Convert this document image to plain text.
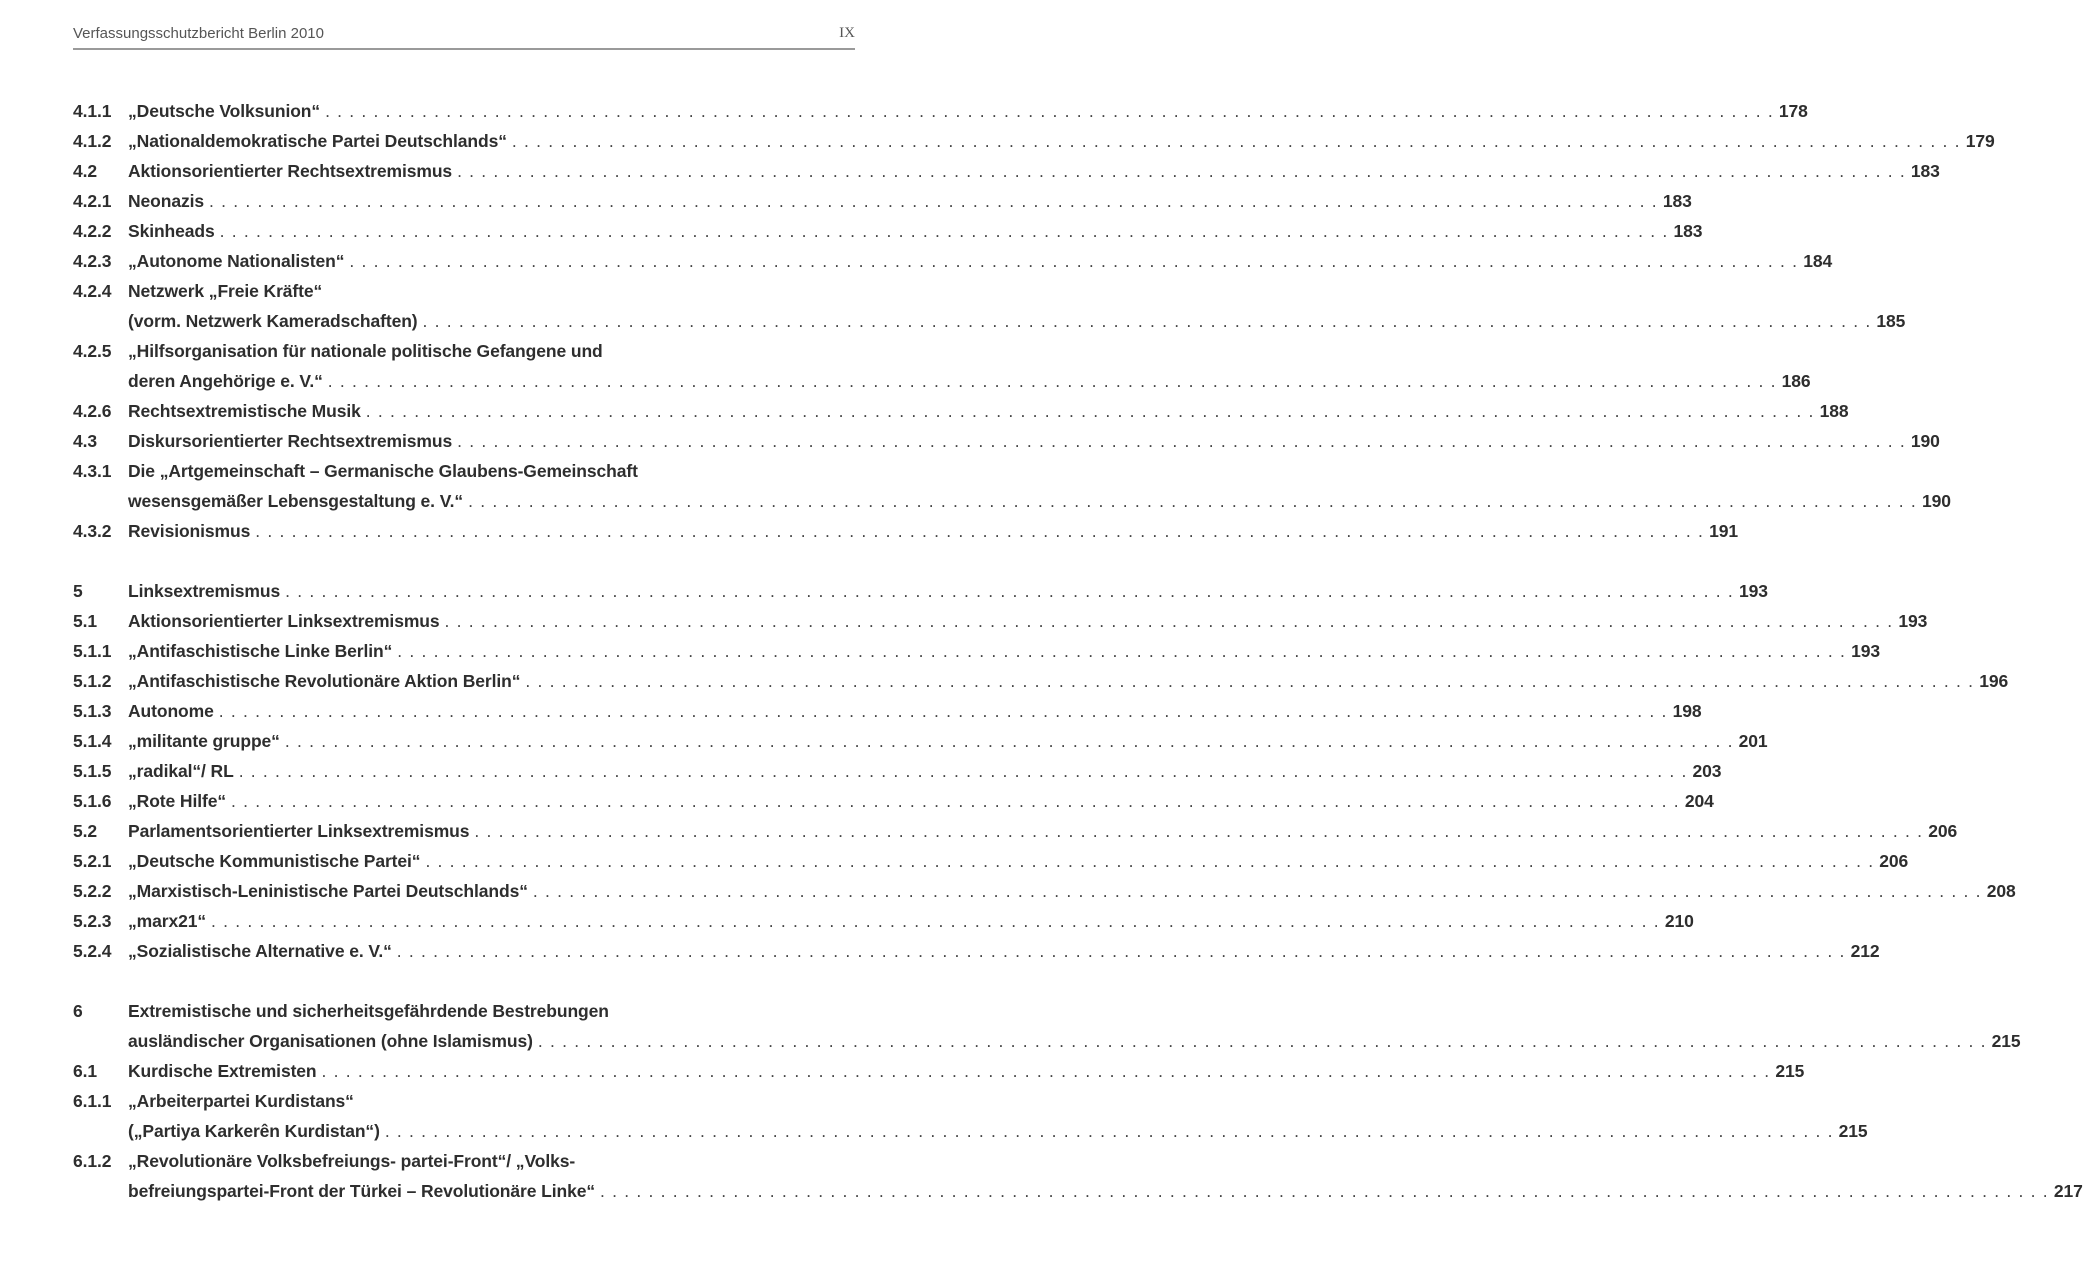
Verfassungsschutzbericht Berlin 2010	IX
4.1.1 „Deutsche Volksunion“ . . . . . . . . . . . . . . . . . . . . . . . . . . . . . . . . . . . . . . . . . . . . . . . . . . . . . . . . . . . . . . . . . . . . . . . . . . . . . . . . . . . . . . . . . . . . . . . . . . . . . . . . . . . . . . . . . . . . . . . . 178
4.1.2 „Nationaldemokratische Partei Deutschlands“ . . . . . . . . . . . . . . . . . . . . . . . . . . . . . . . . . . . . . . . . . . . . . . . . . . . . . . . . . . . . . . . . . . . . . . . . . . . . . . . . . . . . . . . . . . . . . . . . . . . . . . . . . . . . . . . . . . . . . . . . 179
4.2	Aktionsorientierter Rechtsextremismus . . . . . . . . . . . . . . . . . . . . . . . . . . . . . . . . . . . . . . . . . . . . . . . . . . . . . . . . . . . . . . . . . . . . . . . . . . . . . . . . . . . . . . . . . . . . . . . . . . . . . . . . . . . . . . . . . . . . . . . . 183
4.2.1 Neonazis . . . . . . . . . . . . . . . . . . . . . . . . . . . . . . . . . . . . . . . . . . . . . . . . . . . . . . . . . . . . . . . . . . . . . . . . . . . . . . . . . . . . . . . . . . . . . . . . . . . . . . . . . . . . . . . . . . . . . . . . 183
4.2.2 Skinheads . . . . . . . . . . . . . . . . . . . . . . . . . . . . . . . . . . . . . . . . . . . . . . . . . . . . . . . . . . . . . . . . . . . . . . . . . . . . . . . . . . . . . . . . . . . . . . . . . . . . . . . . . . . . . . . . . . . . . . . . 183
4.2.3 „Autonome Nationalisten“ . . . . . . . . . . . . . . . . . . . . . . . . . . . . . . . . . . . . . . . . . . . . . . . . . . . . . . . . . . . . . . . . . . . . . . . . . . . . . . . . . . . . . . . . . . . . . . . . . . . . . . . . . . . . . . . . . . . . . . . . 184
4.2.4 Netzwerk „Freie Kräfte“
(vorm. Netzwerk Kameradschaften) . . . . . . . . . . . . . . . . . . . . . . . . . . . . . . . . . . . . . . . . . . . . . . . . . . . . . . . . . . . . . . . . . . . . . . . . . . . . . . . . . . . . . . . . . . . . . . . . . . . . . . . . . . . . . . . . . . . . . . . . 185
4.2.5 „Hilfsorganisation für nationale politische Gefangene und
deren Angehörige e. V.“ . . . . . . . . . . . . . . . . . . . . . . . . . . . . . . . . . . . . . . . . . . . . . . . . . . . . . . . . . . . . . . . . . . . . . . . . . . . . . . . . . . . . . . . . . . . . . . . . . . . . . . . . . . . . . . . . . . . . . . . . 186
4.2.6 Rechtsextremistische Musik . . . . . . . . . . . . . . . . . . . . . . . . . . . . . . . . . . . . . . . . . . . . . . . . . . . . . . . . . . . . . . . . . . . . . . . . . . . . . . . . . . . . . . . . . . . . . . . . . . . . . . . . . . . . . . . . . . . . . . . . 188
4.3	Diskursorientierter Rechtsextremismus . . . . . . . . . . . . . . . . . . . . . . . . . . . . . . . . . . . . . . . . . . . . . . . . . . . . . . . . . . . . . . . . . . . . . . . . . . . . . . . . . . . . . . . . . . . . . . . . . . . . . . . . . . . . . . . . . . . . . . . . 190
4.3.1 Die „Artgemeinschaft – Germanische Glaubens-Gemeinschaft
wesensgemäßer Lebensgestaltung e. V.“ . . . . . . . . . . . . . . . . . . . . . . . . . . . . . . . . . . . . . . . . . . . . . . . . . . . . . . . . . . . . . . . . . . . . . . . . . . . . . . . . . . . . . . . . . . . . . . . . . . . . . . . . . . . . . . . . . . . . . . . . 190
4.3.2 Revisionismus . . . . . . . . . . . . . . . . . . . . . . . . . . . . . . . . . . . . . . . . . . . . . . . . . . . . . . . . . . . . . . . . . . . . . . . . . . . . . . . . . . . . . . . . . . . . . . . . . . . . . . . . . . . . . . . . . . . . . . . . 191
5	Linksextremismus . . . . . . . . . . . . . . . . . . . . . . . . . . . . . . . . . . . . . . . . . . . . . . . . . . . . . . . . . . . . . . . . . . . . . . . . . . . . . . . . . . . . . . . . . . . . . . . . . . . . . . . . . . . . . . . . . . . . . . . . 193
5.1	Aktionsorientierter Linksextremismus . . . . . . . . . . . . . . . . . . . . . . . . . . . . . . . . . . . . . . . . . . . . . . . . . . . . . . . . . . . . . . . . . . . . . . . . . . . . . . . . . . . . . . . . . . . . . . . . . . . . . . . . . . . . . . . . . . . . . . . . 193
5.1.1 „Antifaschistische Linke Berlin“ . . . . . . . . . . . . . . . . . . . . . . . . . . . . . . . . . . . . . . . . . . . . . . . . . . . . . . . . . . . . . . . . . . . . . . . . . . . . . . . . . . . . . . . . . . . . . . . . . . . . . . . . . . . . . . . . . . . . . . . . 193
5.1.2 „Antifaschistische Revolutionäre Aktion Berlin“ . . . . . . . . . . . . . . . . . . . . . . . . . . . . . . . . . . . . . . . . . . . . . . . . . . . . . . . . . . . . . . . . . . . . . . . . . . . . . . . . . . . . . . . . . . . . . . . . . . . . . . . . . . . . . . . . . . . . . . . . 196
5.1.3 Autonome . . . . . . . . . . . . . . . . . . . . . . . . . . . . . . . . . . . . . . . . . . . . . . . . . . . . . . . . . . . . . . . . . . . . . . . . . . . . . . . . . . . . . . . . . . . . . . . . . . . . . . . . . . . . . . . . . . . . . . . . 198
5.1.4 „militante gruppe“ . . . . . . . . . . . . . . . . . . . . . . . . . . . . . . . . . . . . . . . . . . . . . . . . . . . . . . . . . . . . . . . . . . . . . . . . . . . . . . . . . . . . . . . . . . . . . . . . . . . . . . . . . . . . . . . . . . . . . . . . 201
5.1.5 „radikal“/ RL . . . . . . . . . . . . . . . . . . . . . . . . . . . . . . . . . . . . . . . . . . . . . . . . . . . . . . . . . . . . . . . . . . . . . . . . . . . . . . . . . . . . . . . . . . . . . . . . . . . . . . . . . . . . . . . . . . . . . . . . 203
5.1.6 „Rote Hilfe“ . . . . . . . . . . . . . . . . . . . . . . . . . . . . . . . . . . . . . . . . . . . . . . . . . . . . . . . . . . . . . . . . . . . . . . . . . . . . . . . . . . . . . . . . . . . . . . . . . . . . . . . . . . . . . . . . . . . . . . . . 204
5.2	Parlamentsorientierter Linksextremismus . . . . . . . . . . . . . . . . . . . . . . . . . . . . . . . . . . . . . . . . . . . . . . . . . . . . . . . . . . . . . . . . . . . . . . . . . . . . . . . . . . . . . . . . . . . . . . . . . . . . . . . . . . . . . . . . . . . . . . . . 206
5.2.1 „Deutsche Kommunistische Partei“ . . . . . . . . . . . . . . . . . . . . . . . . . . . . . . . . . . . . . . . . . . . . . . . . . . . . . . . . . . . . . . . . . . . . . . . . . . . . . . . . . . . . . . . . . . . . . . . . . . . . . . . . . . . . . . . . . . . . . . . . 206
5.2.2 „Marxistisch-Leninistische Partei Deutschlands“ . . . . . . . . . . . . . . . . . . . . . . . . . . . . . . . . . . . . . . . . . . . . . . . . . . . . . . . . . . . . . . . . . . . . . . . . . . . . . . . . . . . . . . . . . . . . . . . . . . . . . . . . . . . . . . . . . . . . . . . . 208
5.2.3 „marx21“ . . . . . . . . . . . . . . . . . . . . . . . . . . . . . . . . . . . . . . . . . . . . . . . . . . . . . . . . . . . . . . . . . . . . . . . . . . . . . . . . . . . . . . . . . . . . . . . . . . . . . . . . . . . . . . . . . . . . . . . . 210
5.2.4 „Sozialistische Alternative e. V.“ . . . . . . . . . . . . . . . . . . . . . . . . . . . . . . . . . . . . . . . . . . . . . . . . . . . . . . . . . . . . . . . . . . . . . . . . . . . . . . . . . . . . . . . . . . . . . . . . . . . . . . . . . . . . . . . . . . . . . . . . 212
6	Extremistische und sicherheitsgefährdende Bestrebungen
ausländischer Organisationen (ohne Islamismus) . . . . . . . . . . . . . . . . . . . . . . . . . . . . . . . . . . . . . . . . . . . . . . . . . . . . . . . . . . . . . . . . . . . . . . . . . . . . . . . . . . . . . . . . . . . . . . . . . . . . . . . . . . . . . . . . . . . . . . . . 215
6.1	Kurdische Extremisten . . . . . . . . . . . . . . . . . . . . . . . . . . . . . . . . . . . . . . . . . . . . . . . . . . . . . . . . . . . . . . . . . . . . . . . . . . . . . . . . . . . . . . . . . . . . . . . . . . . . . . . . . . . . . . . . . . . . . . . . 215
6.1.1 „Arbeiterpartei Kurdistans“
(„Partiya Karkerên Kurdistan“) . . . . . . . . . . . . . . . . . . . . . . . . . . . . . . . . . . . . . . . . . . . . . . . . . . . . . . . . . . . . . . . . . . . . . . . . . . . . . . . . . . . . . . . . . . . . . . . . . . . . . . . . . . . . . . . . . . . . . . . . 215
6.1.2 „Revolutionäre Volksbefreiungs- partei-Front“/ „Volks-
befreiungspartei-Front der Türkei – Revolutionäre Linke“ . . . . . . . . . . . . . . . . . . . . . . . . . . . . . . . . . . . . . . . . . . . . . . . . . . . . . . . . . . . . . . . . . . . . . . . . . . . . . . . . . . . . . . . . . . . . . . . . . . . . . . . . . . . . . . . . . . . . . . . . 217
